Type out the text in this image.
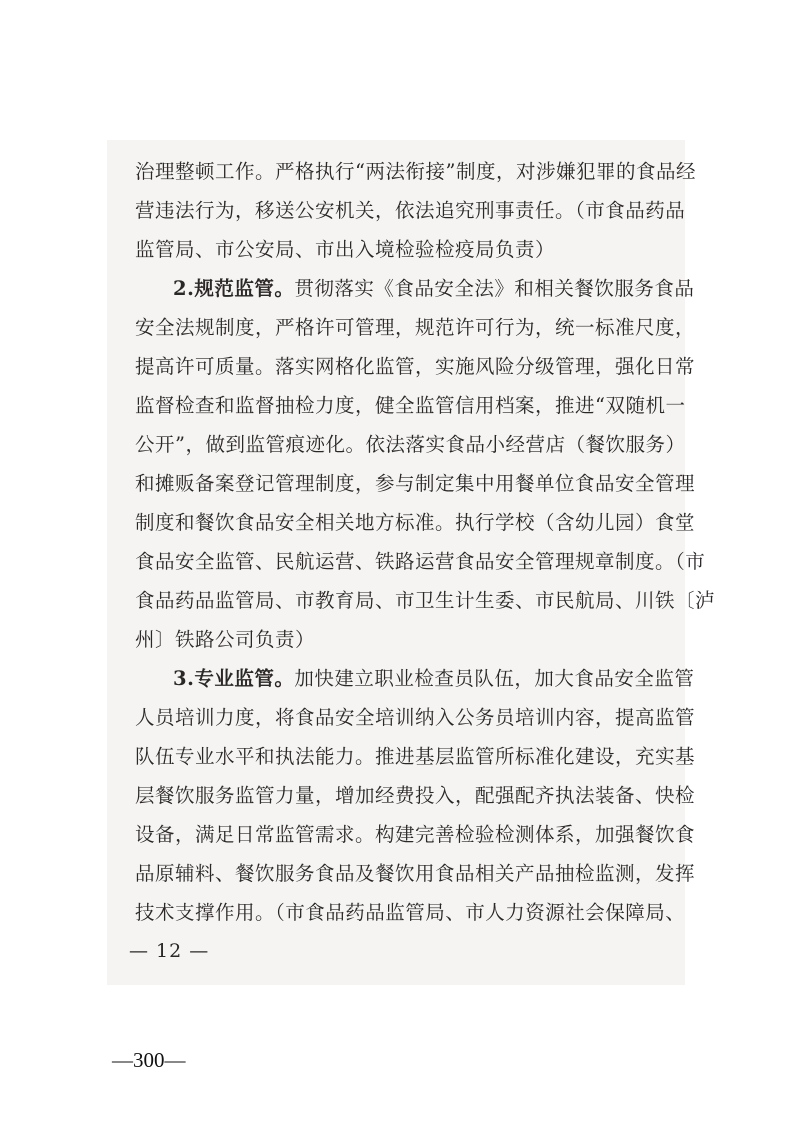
治理整顿工作。严格执行“两法衔接”制度，对涉嫌犯罪的食品经
营违法行为，移送公安机关，依法追究刑事责任。（市食品药品
监管局、市公安局、市出入境检验检疫局负责）
2.规范监管。贯彻落实《食品安全法》和相关餐饮服务食品
安全法规制度，严格许可管理，规范许可行为，统一标准尺度，
提高许可质量。落实网格化监管，实施风险分级管理，强化日常
监督检查和监督抽检力度，健全监管信用档案，推进“双随机一
公开”，做到监管痕迹化。依法落实食品小经营店（餐饮服务）
和摊贩备案登记管理制度，参与制定集中用餐单位食品安全管理
制度和餐饮食品安全相关地方标准。执行学校（含幼儿园）食堂
食品安全监管、民航运营、铁路运营食品安全管理规章制度。（市
食品药品监管局、市教育局、市卫生计生委、市民航局、川铁〔泸
州〕铁路公司负责）
3.专业监管。加快建立职业检查员队伍，加大食品安全监管
人员培训力度，将食品安全培训纳入公务员培训内容，提高监管
队伍专业水平和执法能力。推进基层监管所标准化建设，充实基
层餐饮服务监管力量，增加经费投入，配强配齐执法装备、快检
设备，满足日常监管需求。构建完善检验检测体系，加强餐饮食
品原辅料、餐饮服务食品及餐饮用食品相关产品抽检监测，发挥
技术支撑作用。（市食品药品监管局、市人力资源社会保障局、
— 12 —
—300—
